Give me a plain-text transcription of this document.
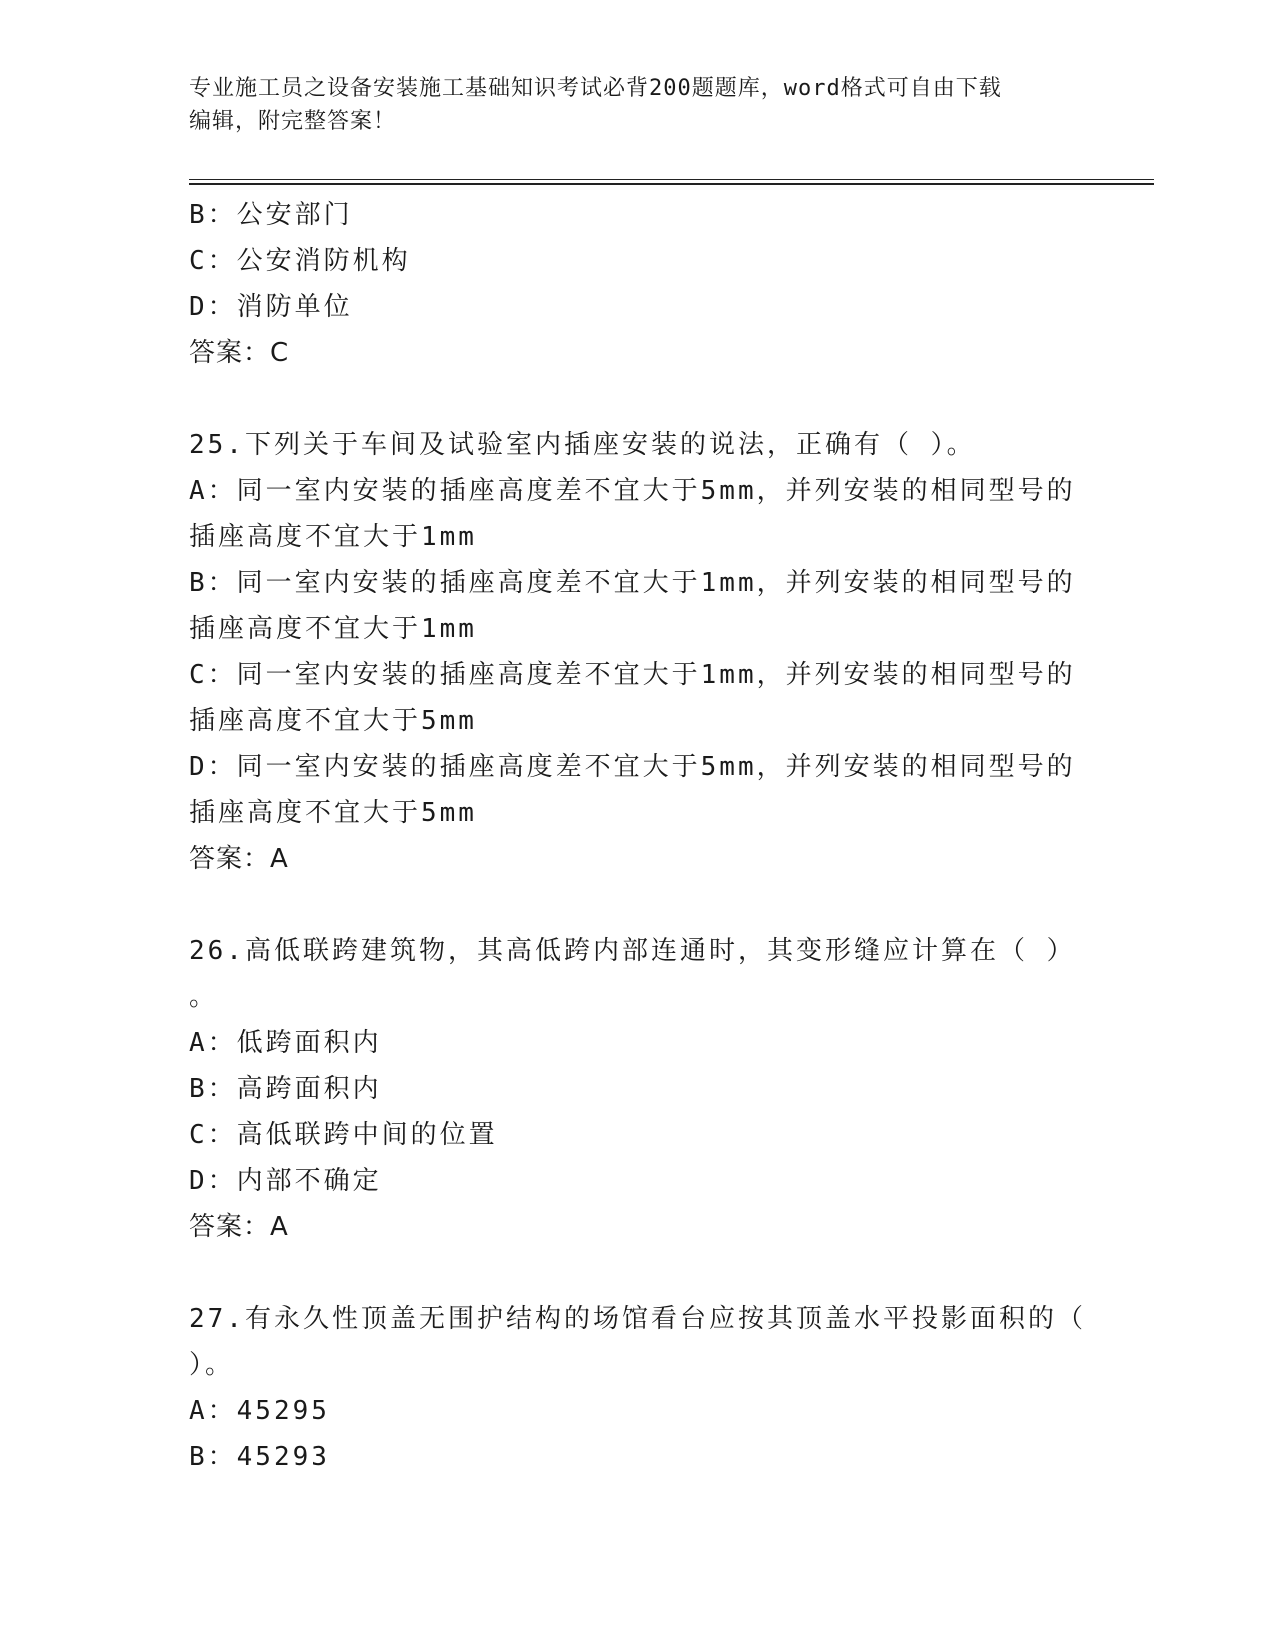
专业施工员之设备安装施工基础知识考试必背200题题库，word格式可自由下载
编辑，附完整答案！
B：公安部门
C：公安消防机构
D：消防单位
答案：C
25.下列关于车间及试验室内插座安装的说法，正确有（ ）。
A：同一室内安装的插座高度差不宜大于5mm，并列安装的相同型号的
插座高度不宜大于1mm
B：同一室内安装的插座高度差不宜大于1mm，并列安装的相同型号的
插座高度不宜大于1mm
C：同一室内安装的插座高度差不宜大于1mm，并列安装的相同型号的
插座高度不宜大于5mm
D：同一室内安装的插座高度差不宜大于5mm，并列安装的相同型号的
插座高度不宜大于5mm
答案：A
26.高低联跨建筑物，其高低跨内部连通时，其变形缝应计算在（ ）
。
A：低跨面积内
B：高跨面积内
C：高低联跨中间的位置
D：内部不确定
答案：A
27.有永久性顶盖无围护结构的场馆看台应按其顶盖水平投影面积的（
）。
A：45295
B：45293
